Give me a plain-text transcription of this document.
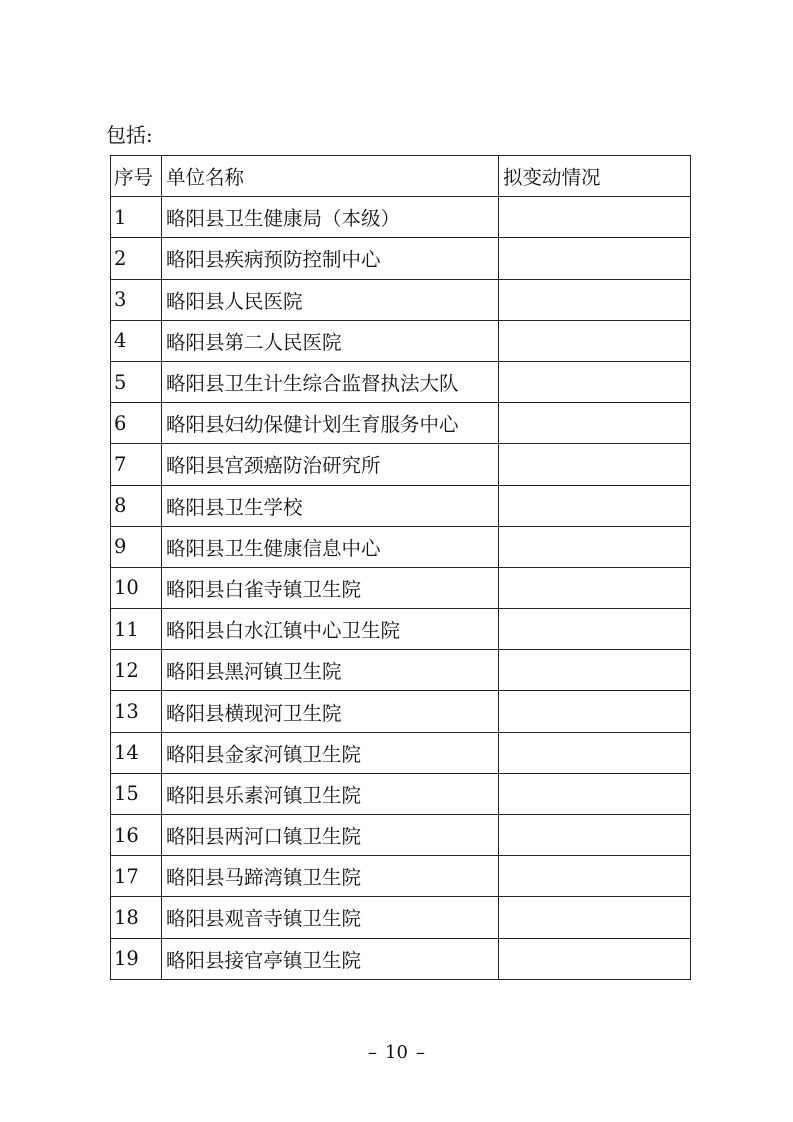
包括:
序号	单位名称	拟变动情况
1	略阳县卫生健康局（本级）	
2	略阳县疾病预防控制中心	
3	略阳县人民医院	
4	略阳县第二人民医院	
5	略阳县卫生计生综合监督执法大队	
6	略阳县妇幼保健计划生育服务中心	
7	略阳县宫颈癌防治研究所	
8	略阳县卫生学校	
9	略阳县卫生健康信息中心	
10	略阳县白雀寺镇卫生院	
11	略阳县白水江镇中心卫生院	
12	略阳县黑河镇卫生院	
13	略阳县横现河卫生院	
14	略阳县金家河镇卫生院	
15	略阳县乐素河镇卫生院	
16	略阳县两河口镇卫生院	
17	略阳县马蹄湾镇卫生院	
18	略阳县观音寺镇卫生院	
19	略阳县接官亭镇卫生院	
– 10 –
